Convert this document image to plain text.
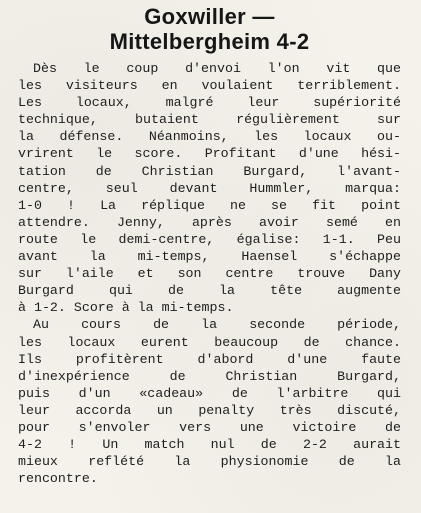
Goxwiller —
Mittelbergheim 4-2
Dès le coup d'envoi l'on vit que
les visiteurs en voulaient terriblement.
Les locaux, malgré leur supériorité
technique, butaient régulièrement sur
la défense. Néanmoins, les locaux ou-
vrirent le score. Profitant d'une hési-
tation de Christian Burgard, l'avant-
centre, seul devant Hummler, marqua:
1-0 ! La réplique ne se fit point
attendre. Jenny, après avoir semé en
route le demi-centre, égalise: 1-1. Peu
avant la mi-temps, Haensel s'échappe
sur l'aile et son centre trouve Dany
Burgard qui de la tête augmente
à 1-2. Score à la mi-temps.
Au cours de la seconde période,
les locaux eurent beaucoup de chance.
Ils profitèrent d'abord d'une faute
d'inexpérience de Christian Burgard,
puis d'un «cadeau» de l'arbitre qui
leur accorda un penalty très discuté,
pour s'envoler vers une victoire de
4-2 ! Un match nul de 2-2 aurait
mieux reflété la physionomie de la
rencontre.
